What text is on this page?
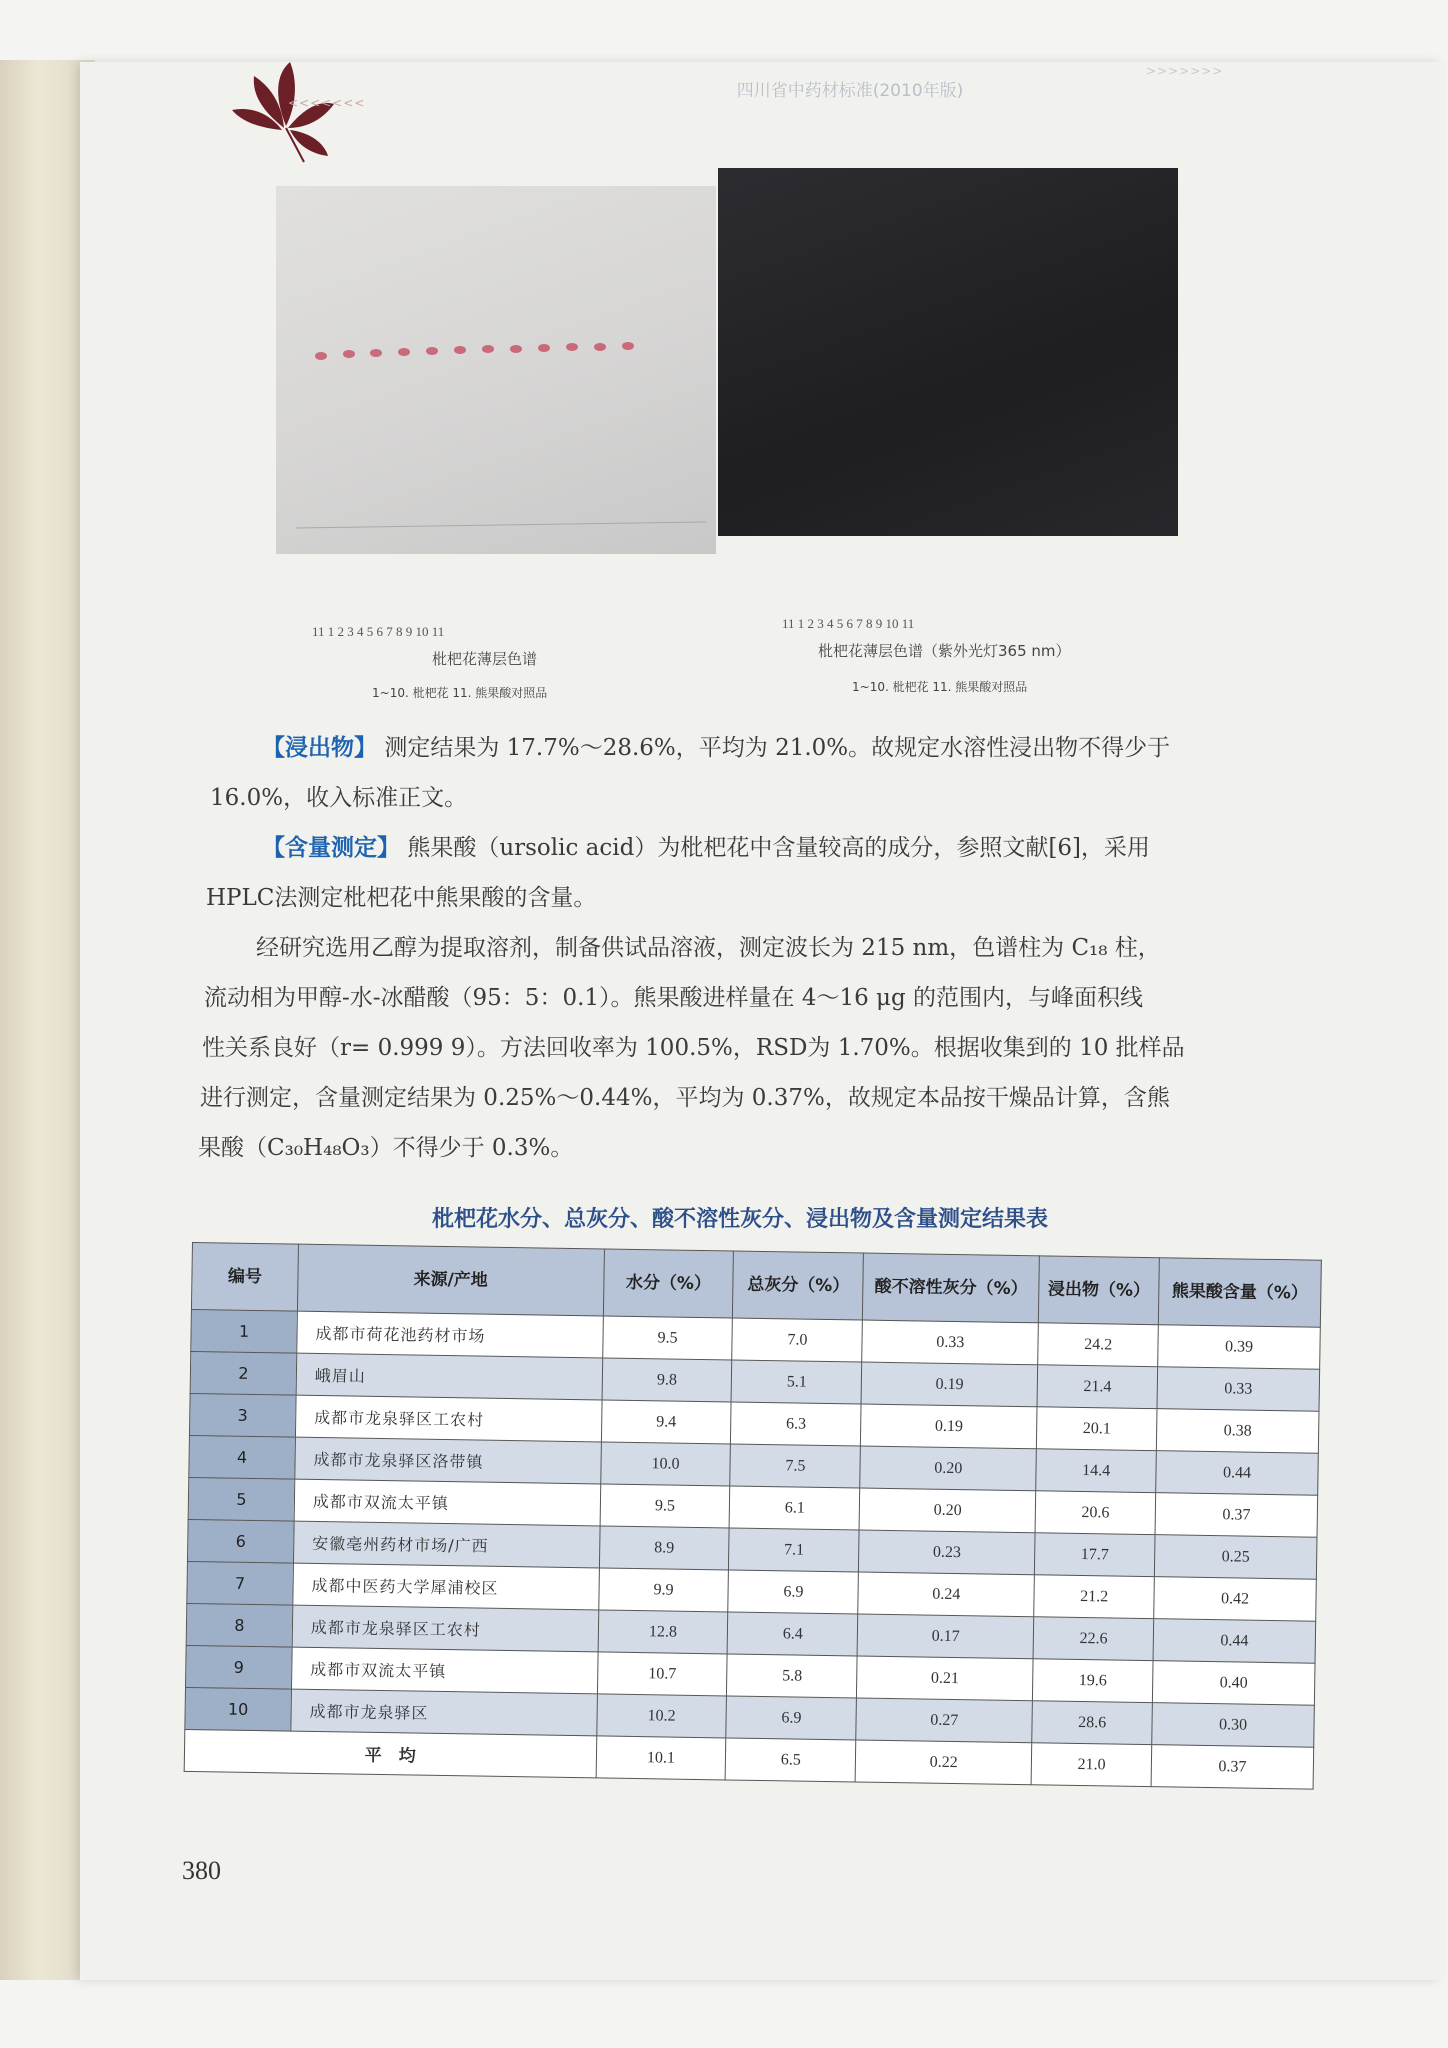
<<<<<<<
四川省中药材标准(2010年版)
>>>>>>>
11 1 2 3 4 5 6 7 8 9 10 11
枇杷花薄层色谱
1~10. 枇杷花 11. 熊果酸对照品
11 1 2 3 4 5 6 7 8 9 10 11
枇杷花薄层色谱（紫外光灯365 nm）
1~10. 枇杷花 11. 熊果酸对照品
【浸出物】 测定结果为 17.7%～28.6%，平均为 21.0%。故规定水溶性浸出物不得少于
16.0%，收入标准正文。
【含量测定】 熊果酸（ursolic acid）为枇杷花中含量较高的成分，参照文献[6]，采用
HPLC法测定枇杷花中熊果酸的含量。
经研究选用乙醇为提取溶剂，制备供试品溶液，测定波长为 215 nm，色谱柱为 C₁₈ 柱，
流动相为甲醇-水-冰醋酸（95：5：0.1）。熊果酸进样量在 4～16 μg 的范围内，与峰面积线
性关系良好（r= 0.999 9）。方法回收率为 100.5%，RSD为 1.70%。根据收集到的 10 批样品
进行测定，含量测定结果为 0.25%～0.44%，平均为 0.37%，故规定本品按干燥品计算，含熊
果酸（C₃₀H₄₈O₃）不得少于 0.3%。
枇杷花水分、总灰分、酸不溶性灰分、浸出物及含量测定结果表
编号	来源/产地	水分（%）	总灰分（%）	酸不溶性灰分（%）	浸出物（%）	熊果酸含量（%）
1	成都市荷花池药材市场	9.5	7.0	0.33	24.2	0.39
2	峨眉山	9.8	5.1	0.19	21.4	0.33
3	成都市龙泉驿区工农村	9.4	6.3	0.19	20.1	0.38
4	成都市龙泉驿区洛带镇	10.0	7.5	0.20	14.4	0.44
5	成都市双流太平镇	9.5	6.1	0.20	20.6	0.37
6	安徽亳州药材市场/广西	8.9	7.1	0.23	17.7	0.25
7	成都中医药大学犀浦校区	9.9	6.9	0.24	21.2	0.42
8	成都市龙泉驿区工农村	12.8	6.4	0.17	22.6	0.44
9	成都市双流太平镇	10.7	5.8	0.21	19.6	0.40
10	成都市龙泉驿区	10.2	6.9	0.27	28.6	0.30
平　均		10.1	6.5	0.22	21.0	0.37
380
